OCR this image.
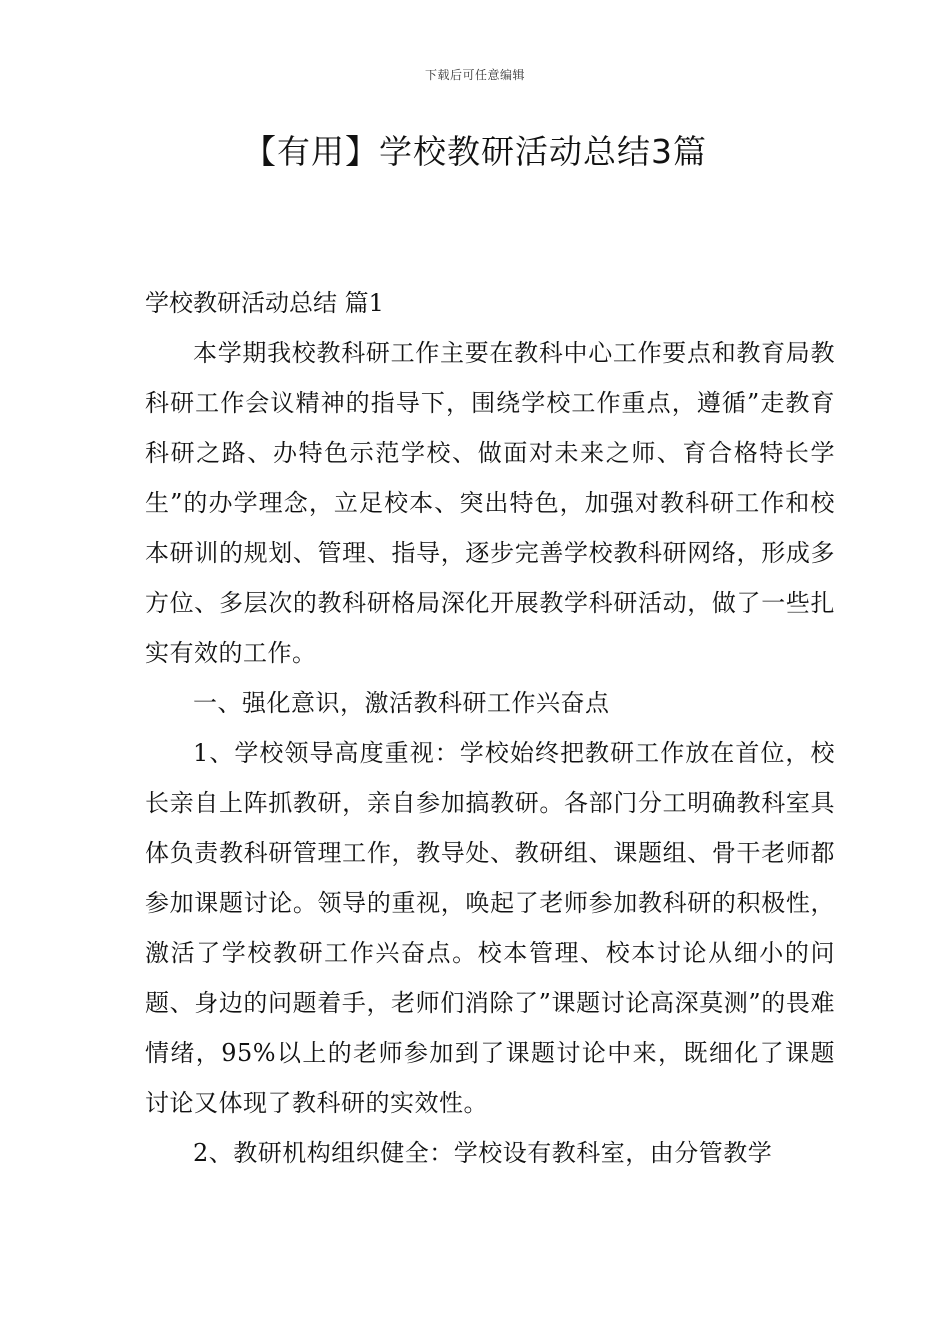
下载后可任意编辑
【有用】学校教研活动总结3篇
学校教研活动总结 篇1

本学期我校教科研工作主要在教科中心工作要点和教育局教科研工作会议精神的指导下，围绕学校工作重点，遵循”走教育科研之路、办特色示范学校、做面对未来之师、育合格特长学生”的办学理念，立足校本、突出特色，加强对教科研工作和校本研训的规划、管理、指导，逐步完善学校教科研网络，形成多方位、多层次的教科研格局深化开展教学科研活动，做了一些扎实有效的工作。

一、强化意识，激活教科研工作兴奋点

1、学校领导高度重视：学校始终把教研工作放在首位，校长亲自上阵抓教研，亲自参加搞教研。各部门分工明确教科室具体负责教科研管理工作，教导处、教研组、课题组、骨干老师都参加课题讨论。领导的重视，唤起了老师参加教科研的积极性，激活了学校教研工作兴奋点。校本管理、校本讨论从细小的问题、身边的问题着手，老师们消除了”课题讨论高深莫测”的畏难情绪，95%以上的老师参加到了课题讨论中来，既细化了课题讨论又体现了教科研的实效性。

2、教研机构组织健全：学校设有教科室，由分管教学
